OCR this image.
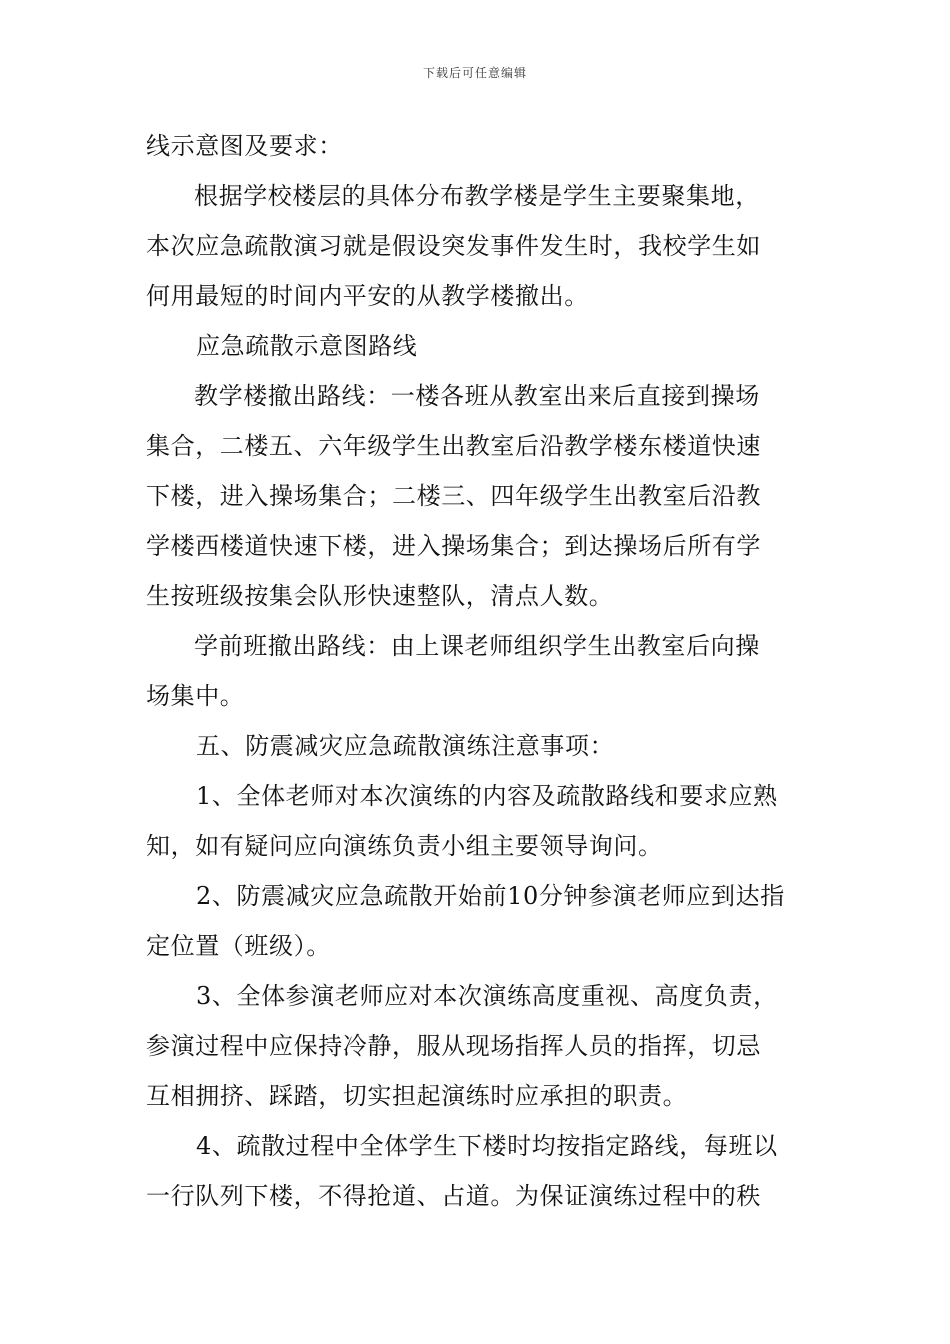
下载后可任意编辑
线示意图及要求：
根据学校楼层的具体分布教学楼是学生主要聚集地，
本次应急疏散演习就是假设突发事件发生时，我校学生如
何用最短的时间内平安的从教学楼撤出。
应急疏散示意图路线
教学楼撤出路线：一楼各班从教室出来后直接到操场
集合，二楼五、六年级学生出教室后沿教学楼东楼道快速
下楼，进入操场集合；二楼三、四年级学生出教室后沿教
学楼西楼道快速下楼，进入操场集合；到达操场后所有学
生按班级按集会队形快速整队，清点人数。
学前班撤出路线：由上课老师组织学生出教室后向操
场集中。
五、防震减灾应急疏散演练注意事项：
1、全体老师对本次演练的内容及疏散路线和要求应熟
知，如有疑问应向演练负责小组主要领导询问。
2、防震减灾应急疏散开始前10分钟参演老师应到达指
定位置（班级）。
3、全体参演老师应对本次演练高度重视、高度负责，
参演过程中应保持冷静，服从现场指挥人员的指挥，切忌
互相拥挤、踩踏，切实担起演练时应承担的职责。
4、疏散过程中全体学生下楼时均按指定路线，每班以
一行队列下楼，不得抢道、占道。为保证演练过程中的秩
